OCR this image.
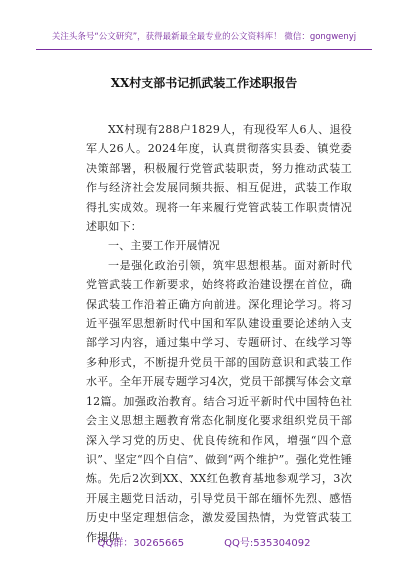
关注头条号“公文研究”，获得最新最全最专业的公文资料库！ 微信：gongwenyj
XX村支部书记抓武装工作述职报告

XX村现有288户1829人，有现役军人6人、退役军人26人。2024年度，认真贯彻落实县委、镇党委决策部署，积极履行党管武装职责，努力推动武装工作与经济社会发展同频共振、相互促进，武装工作取得扎实成效。现将一年来履行党管武装工作职责情况述职如下：

一、主要工作开展情况

一是强化政治引领，筑牢思想根基。面对新时代党管武装工作新要求，始终将政治建设摆在首位，确保武装工作沿着正确方向前进。深化理论学习。将习近平强军思想新时代中国和军队建设重要论述纳入支部学习内容，通过集中学习、专题研讨、在线学习等多种形式，不断提升党员干部的国防意识和武装工作水平。全年开展专题学习4次，党员干部撰写体会文章12篇。加强政治教育。结合习近平新时代中国特色社会主义思想主题教育常态化制度化要求组织党员干部深入学习党的历史、优良传统和作风，增强“四个意识”、坚定“四个自信”、做到“两个维护”。强化党性锤炼。先后2次到XX、XX红色教育基地参观学习，3次开展主题党日活动，引导党员干部在缅怀先烈、感悟历史中坚定理想信念，激发爱国热情，为党管武装工作提供

QQ群：30265665	QQ号:535304092
